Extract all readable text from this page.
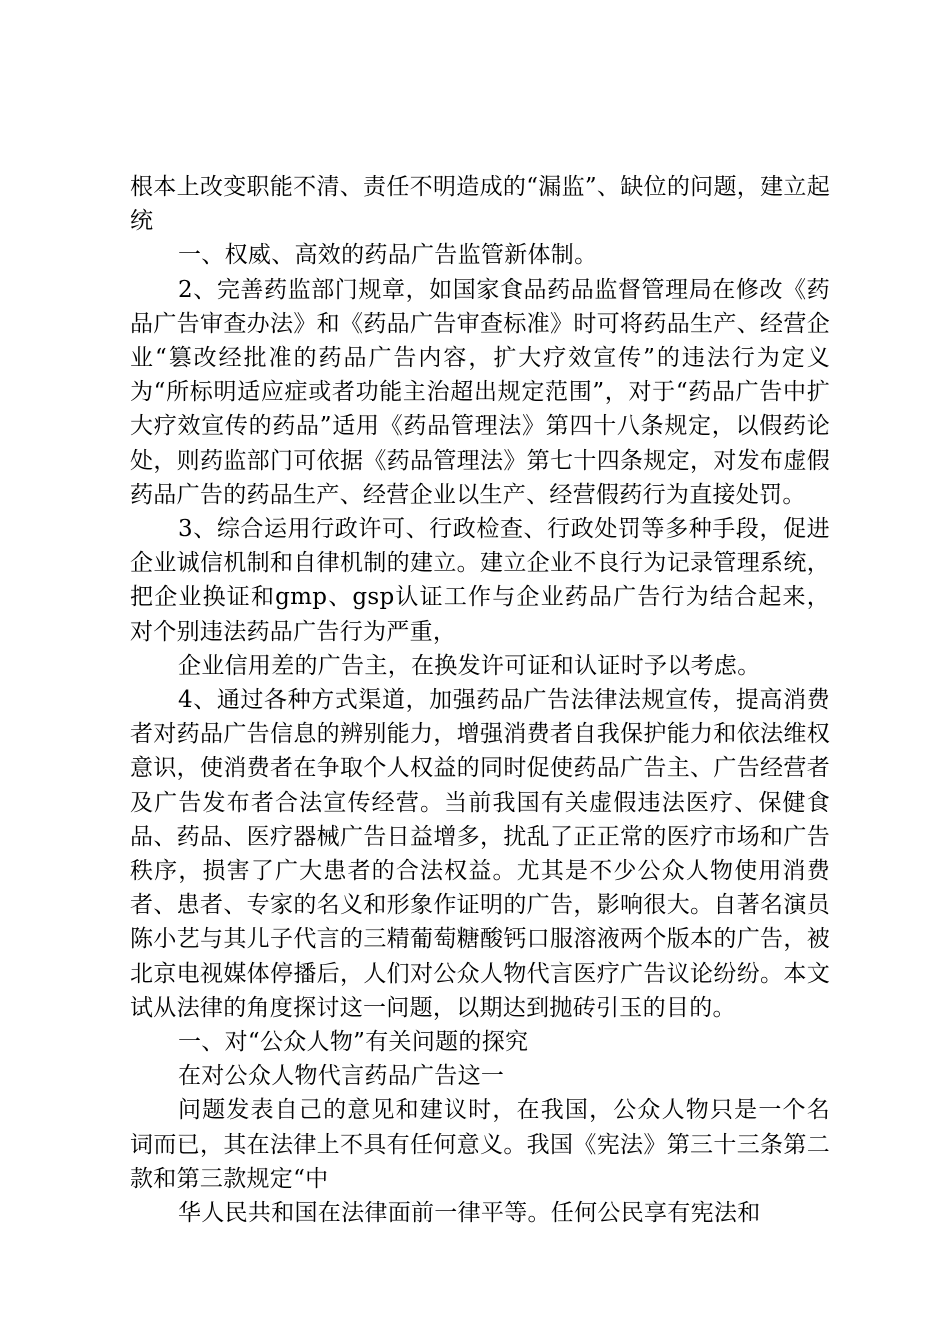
根本上改变职能不清、责任不明造成的“漏监”、缺位的问题，建立起统

一、权威、高效的药品广告监管新体制。

2、完善药监部门规章，如国家食品药品监督管理局在修改《药品广告审查办法》和《药品广告审查标准》时可将药品生产、经营企业“篡改经批准的药品广告内容，扩大疗效宣传”的违法行为定义为“所标明适应症或者功能主治超出规定范围”，对于“药品广告中扩大疗效宣传的药品”适用《药品管理法》第四十八条规定，以假药论处，则药监部门可依据《药品管理法》第七十四条规定，对发布虚假药品广告的药品生产、经营企业以生产、经营假药行为直接处罚。

3、综合运用行政许可、行政检查、行政处罚等多种手段，促进企业诚信机制和自律机制的建立。建立企业不良行为记录管理系统，把企业换证和gmp、gsp认证工作与企业药品广告行为结合起来，对个别违法药品广告行为严重，

企业信用差的广告主，在换发许可证和认证时予以考虑。

4、通过各种方式渠道，加强药品广告法律法规宣传，提高消费者对药品广告信息的辨别能力，增强消费者自我保护能力和依法维权意识，使消费者在争取个人权益的同时促使药品广告主、广告经营者及广告发布者合法宣传经营。当前我国有关虚假违法医疗、保健食品、药品、医疗器械广告日益增多，扰乱了正正常的医疗市场和广告秩序，损害了广大患者的合法权益。尤其是不少公众人物使用消费者、患者、专家的名义和形象作证明的广告，影响很大。自著名演员陈小艺与其儿子代言的三精葡萄糖酸钙口服溶液两个版本的广告，被北京电视媒体停播后，人们对公众人物代言医疗广告议论纷纷。本文试从法律的角度探讨这一问题，以期达到抛砖引玉的目的。

一、对“公众人物”有关问题的探究

在对公众人物代言药品广告这一

问题发表自己的意见和建议时，在我国，公众人物只是一个名词而已，其在法律上不具有任何意义。我国《宪法》第三十三条第二款和第三款规定“中

华人民共和国在法律面前一律平等。任何公民享有宪法和
